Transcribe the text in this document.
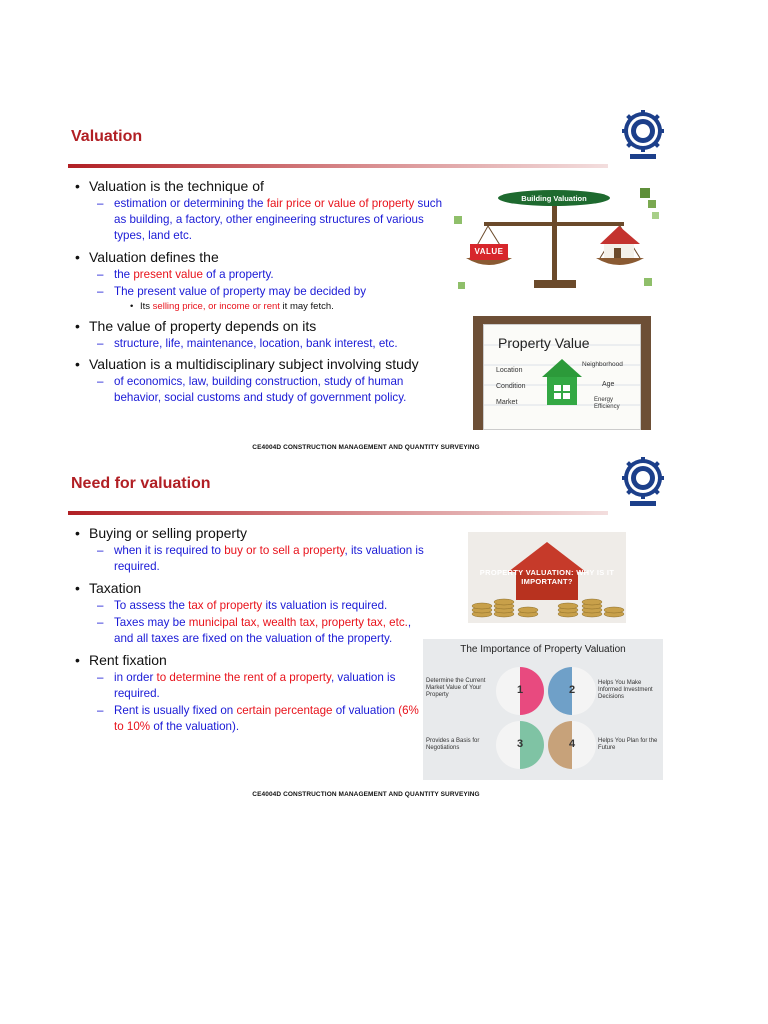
Valuation
• Valuation is the technique of
– estimation or determining the fair price or value of property such as building, a factory, other engineering structures of various types, land etc.
• Valuation defines the
– the present value of a property.
– The present value of property may be decided by
• Its selling price, or income or rent it may fetch.
• The value of property depends on its
– structure, life, maintenance, location, bank interest, etc.
• Valuation is a multidisciplinary subject involving study
– of economics, law, building construction, study of human behavior, social customs and study of government policy.
Building Valuation
VALUE
Property Value
Location
Condition
Market
Neighborhood
Age
Energy Efficiency
CE4004D CONSTRUCTION MANAGEMENT AND QUANTITY SURVEYING
Need for valuation
• Buying or selling property
– when it is required to buy or to sell a property, its valuation is required.
• Taxation
– To assess the tax of property its valuation is required.
– Taxes may be municipal tax, wealth tax, property tax, etc., and all taxes are fixed on the valuation of the property.
• Rent fixation
– in order to determine the rent of a property, valuation is required.
– Rent is usually fixed on certain percentage of valuation (6% to 10% of the valuation).
PROPERTY VALUATION: WHY IS IT IMPORTANT?
The Importance of Property Valuation
1	2
3	4
Determine the Current Market Value of Your Property
Helps You Make Informed Investment Decisions
Provides a Basis for Negotiations
Helps You Plan for the Future
CE4004D CONSTRUCTION MANAGEMENT AND QUANTITY SURVEYING
